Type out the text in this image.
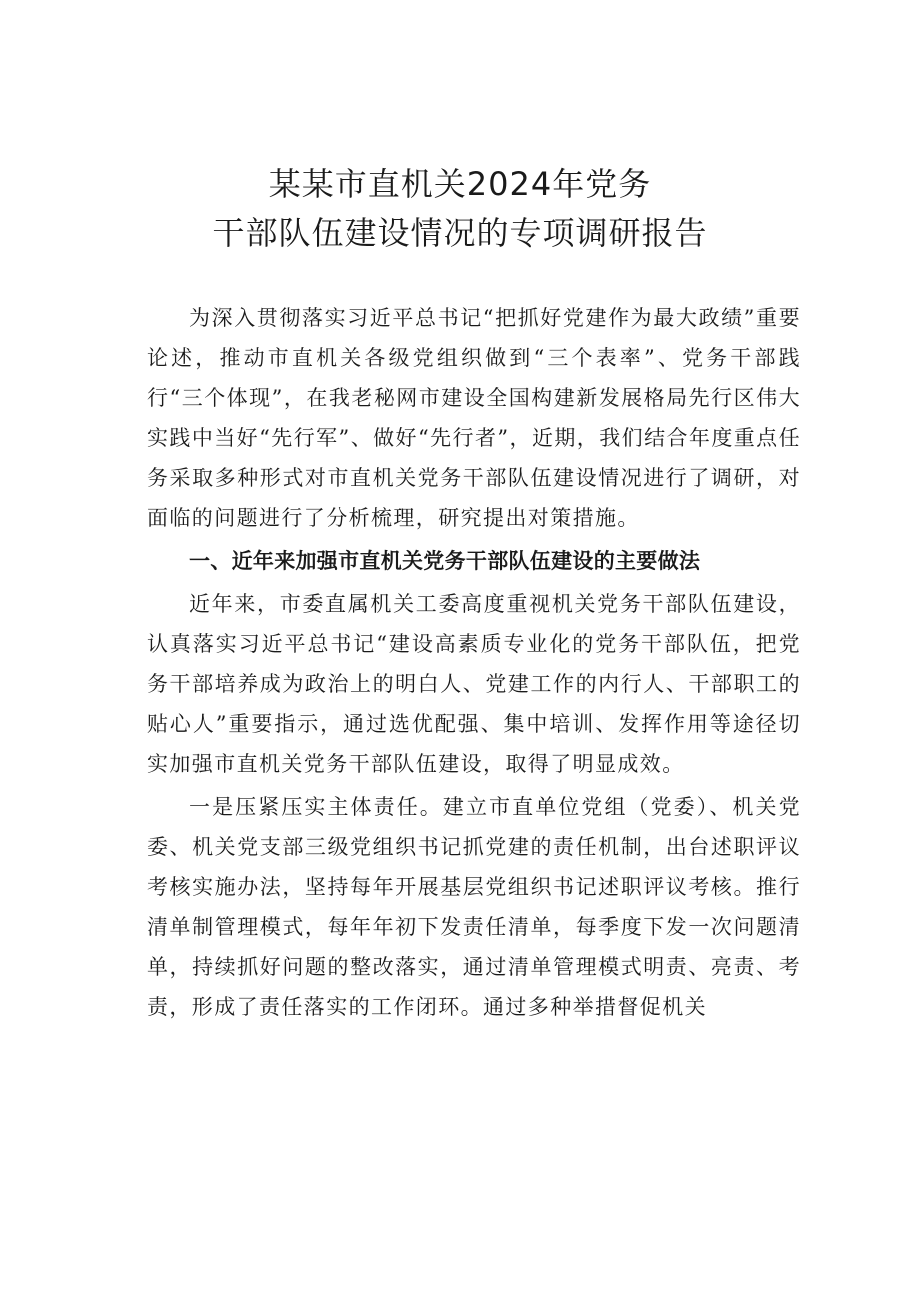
某某市直机关2024年党务
干部队伍建设情况的专项调研报告

为深入贯彻落实习近平总书记“把抓好党建作为最大政绩”重要论述，推动市直机关各级党组织做到“三个表率”、党务干部践行“三个体现”，在我老秘网市建设全国构建新发展格局先行区伟大实践中当好“先行军”、做好“先行者”，近期，我们结合年度重点任务采取多种形式对市直机关党务干部队伍建设情况进行了调研，对面临的问题进行了分析梳理，研究提出对策措施。

一、近年来加强市直机关党务干部队伍建设的主要做法

近年来，市委直属机关工委高度重视机关党务干部队伍建设，认真落实习近平总书记“建设高素质专业化的党务干部队伍，把党务干部培养成为政治上的明白人、党建工作的内行人、干部职工的贴心人”重要指示，通过选优配强、集中培训、发挥作用等途径切实加强市直机关党务干部队伍建设，取得了明显成效。

一是压紧压实主体责任。建立市直单位党组（党委）、机关党委、机关党支部三级党组织书记抓党建的责任机制，出台述职评议考核实施办法，坚持每年开展基层党组织书记述职评议考核。推行清单制管理模式，每年年初下发责任清单，每季度下发一次问题清单，持续抓好问题的整改落实，通过清单管理模式明责、亮责、考责，形成了责任落实的工作闭环。通过多种举措督促机关
